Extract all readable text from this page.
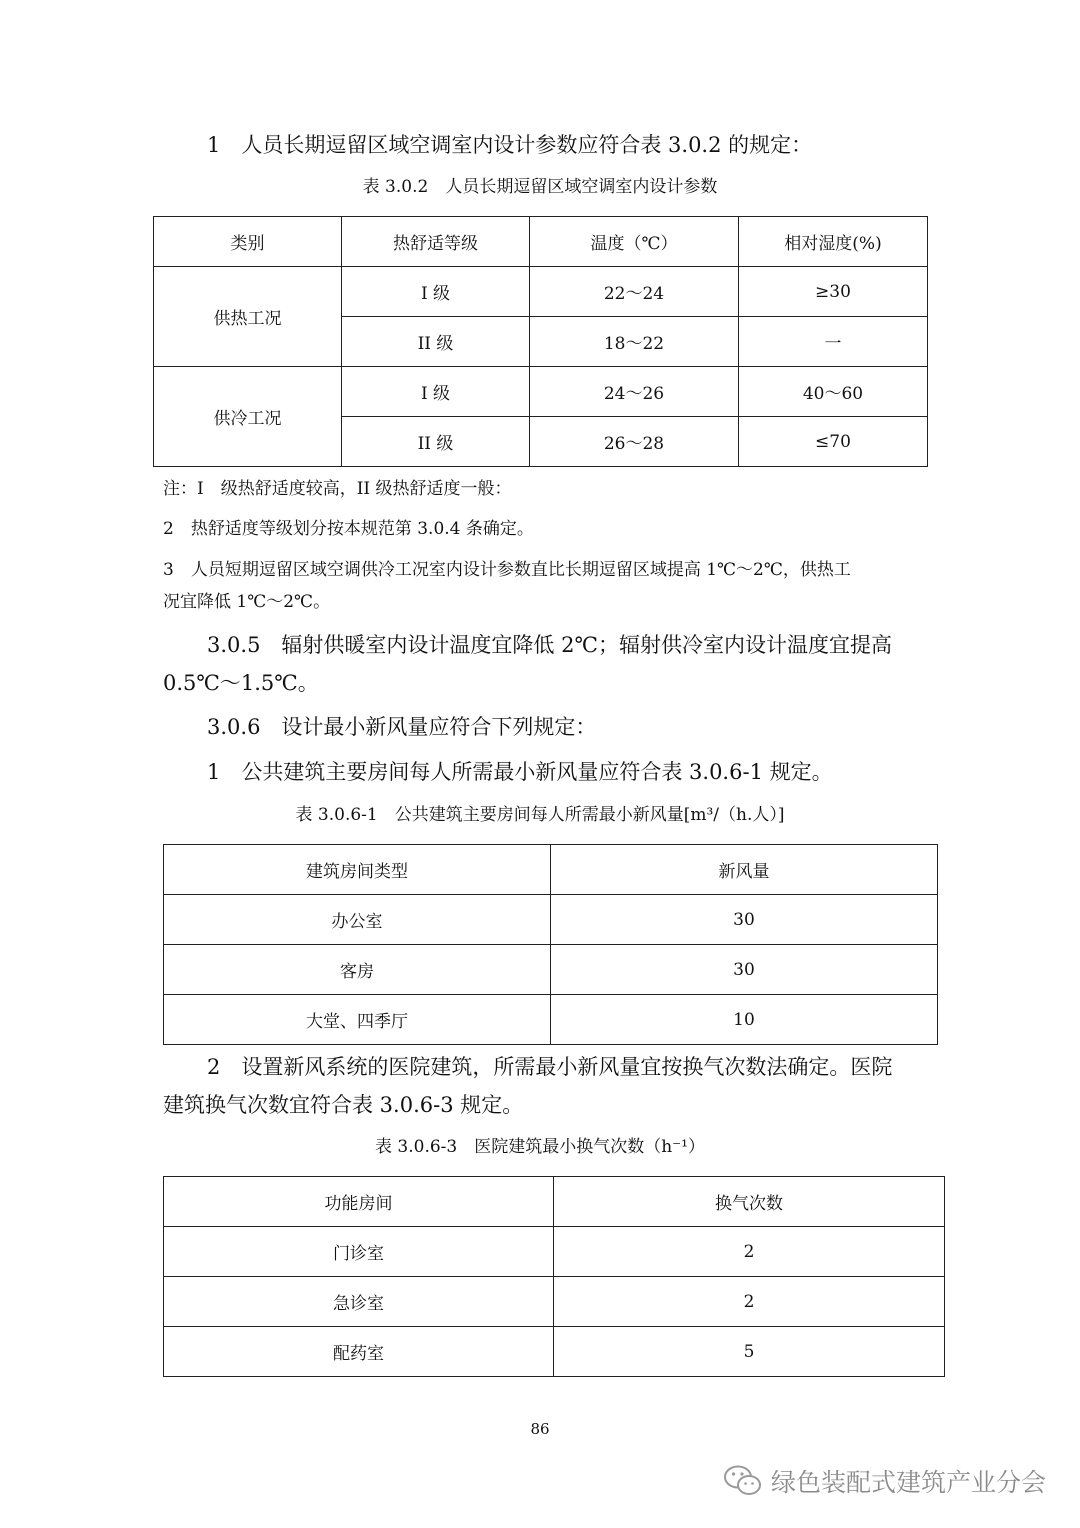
1　人员长期逗留区域空调室内设计参数应符合表 3.0.2 的规定：
表 3.0.2　人员长期逗留区域空调室内设计参数
类别	热舒适等级	温度（℃）	相对湿度(%)
供热工况	I 级	22～24	≥30
	II 级	18～22	一
供冷工况	I 级	24～26	40～60
	II 级	26～28	≤70
注：I　级热舒适度较高，II 级热舒适度一般：
2　热舒适度等级划分按本规范第 3.0.4 条确定。
3　人员短期逗留区域空调供冷工况室内设计参数直比长期逗留区域提高 1℃～2℃，供热工
况宜降低 1℃～2℃。
3.0.5　辐射供暖室内设计温度宜降低 2℃；辐射供冷室内设计温度宜提高
0.5℃～1.5℃。
3.0.6　设计最小新风量应符合下列规定：
1　公共建筑主要房间每人所需最小新风量应符合表 3.0.6-1 规定。
表 3.0.6-1　公共建筑主要房间每人所需最小新风量[m³/（h.人）]
建筑房间类型	新风量
办公室	30
客房	30
大堂、四季厅	10
2　设置新风系统的医院建筑，所需最小新风量宜按换气次数法确定。医院
建筑换气次数宜符合表 3.0.6-3 规定。
表 3.0.6-3　医院建筑最小换气次数（h⁻¹）
功能房间	换气次数
门诊室	2
急诊室	2
配药室	5
86
绿色装配式建筑产业分会
